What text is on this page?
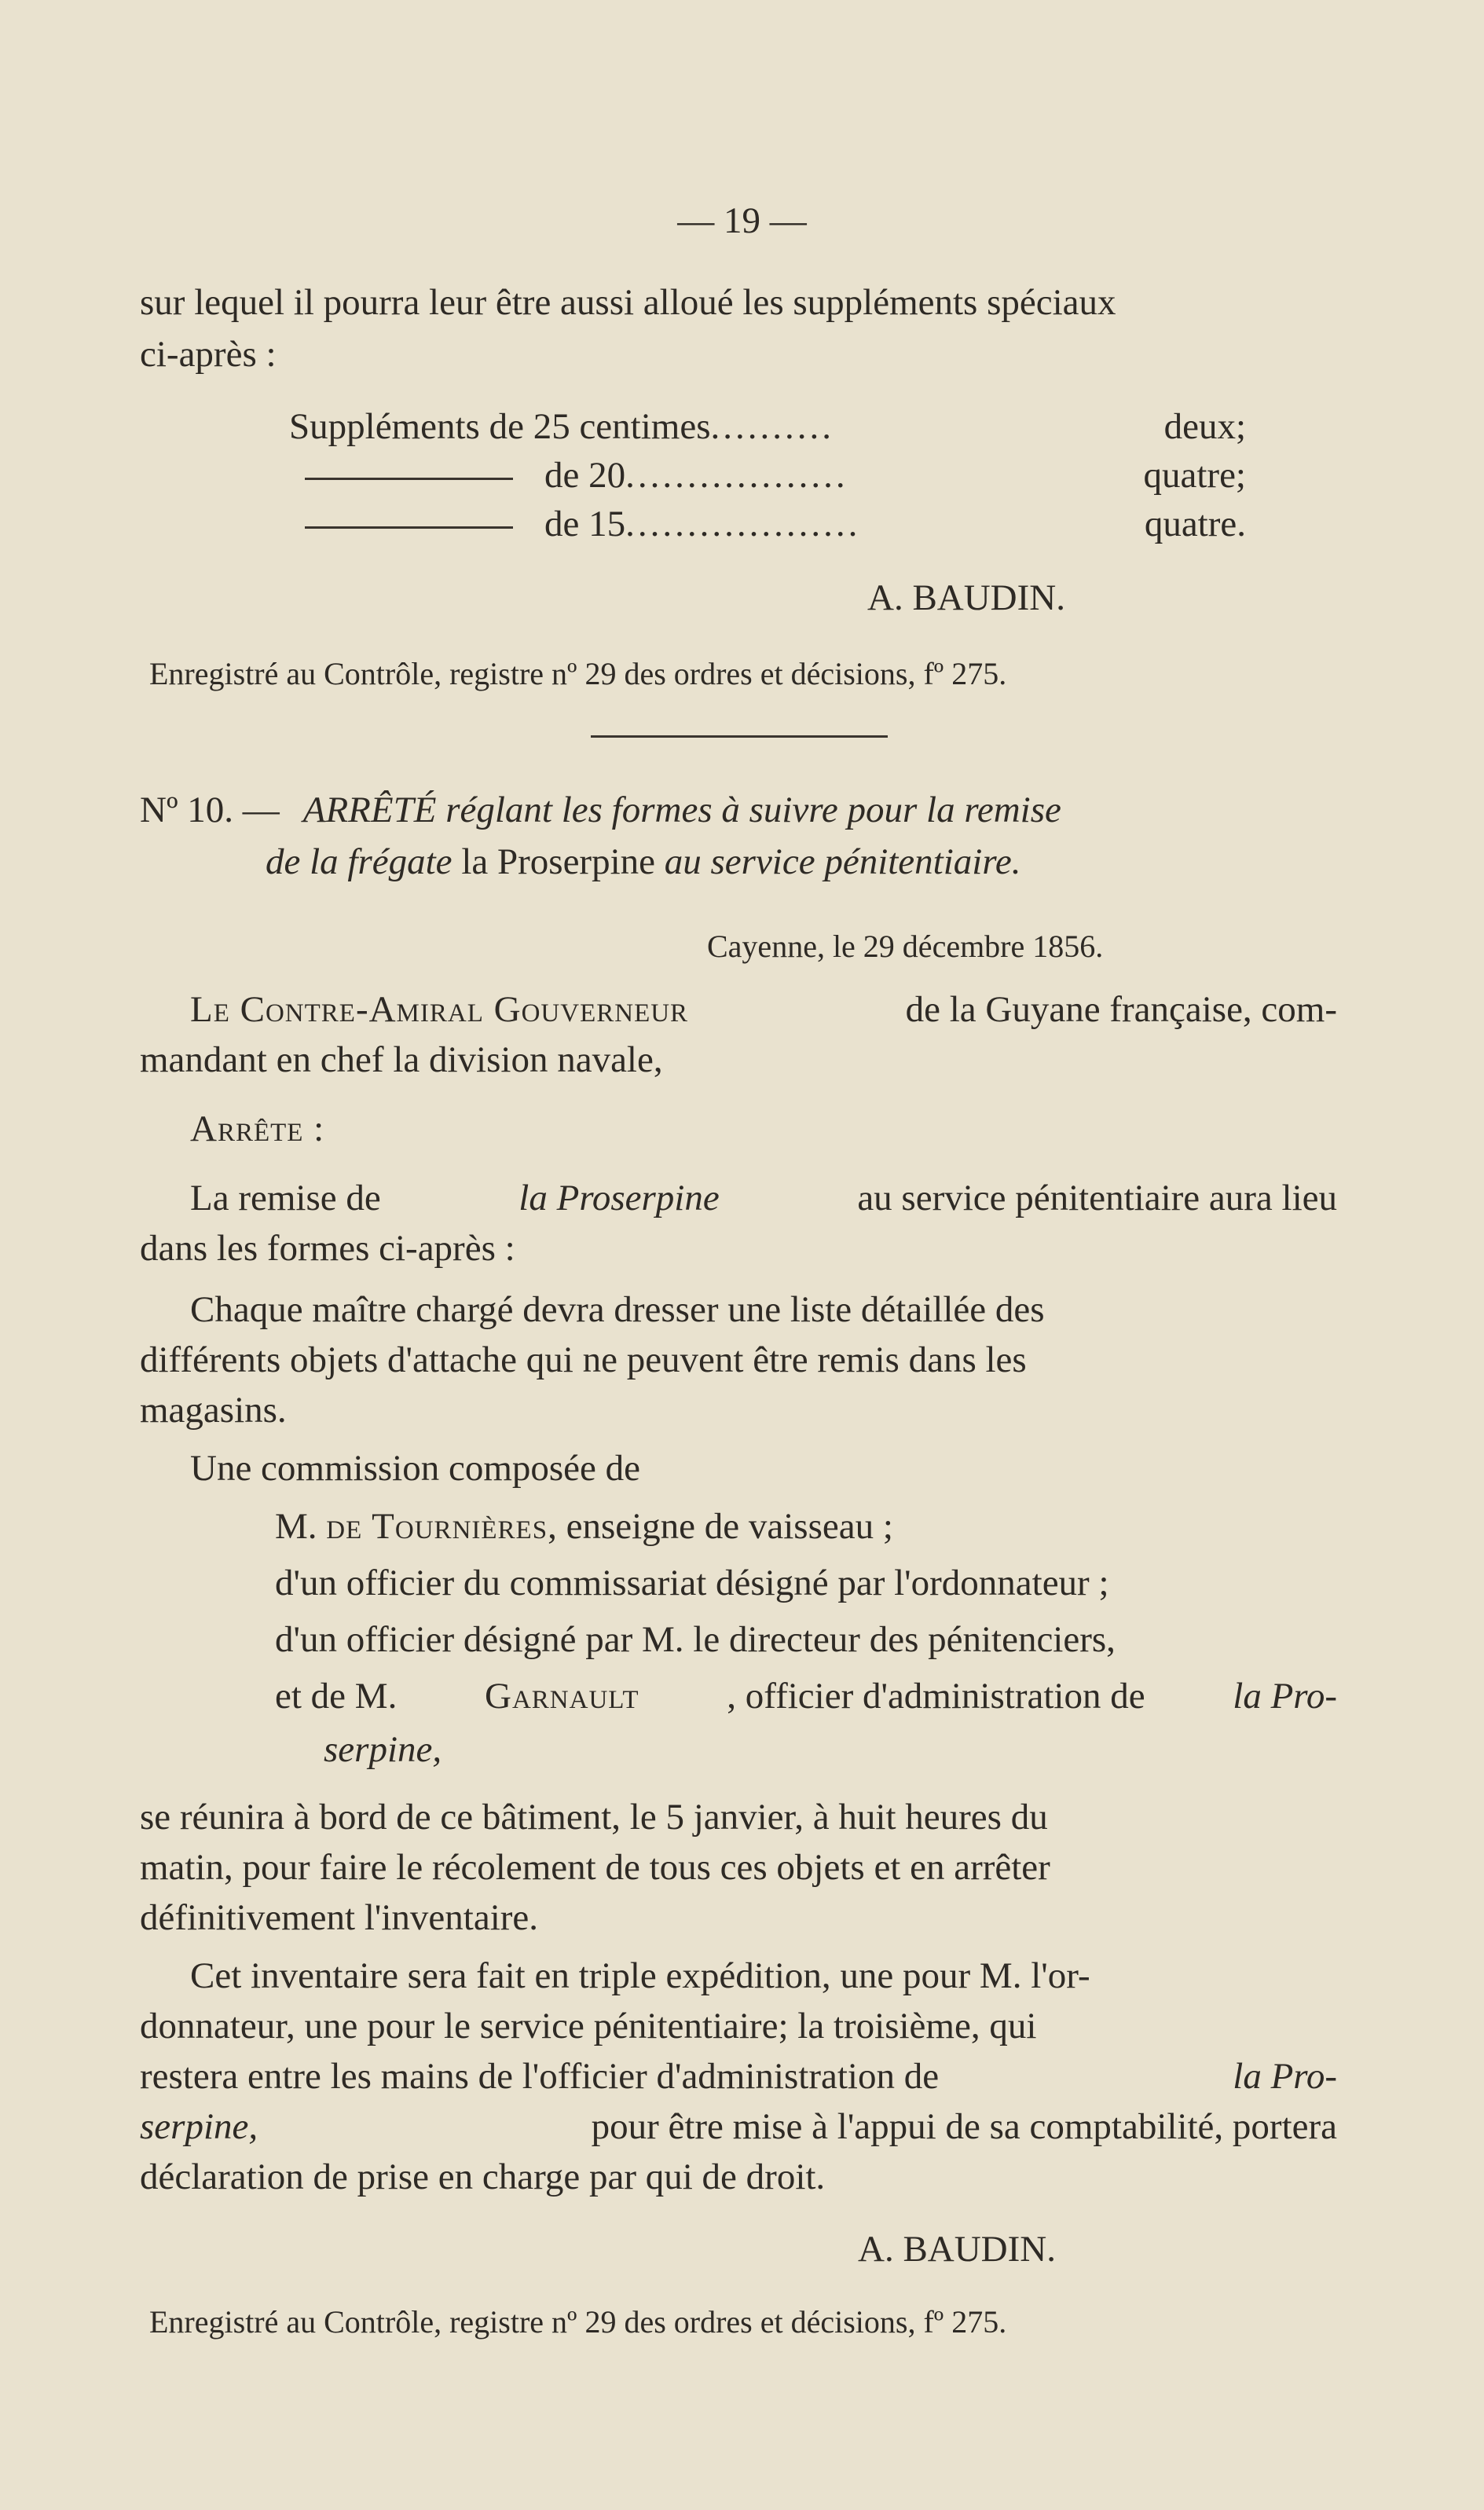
— 19 —
sur lequel il pourra leur être aussi alloué les suppléments spéciaux
ci-après :
Suppléments de 25 centimes..........	deux;
de 20..................	quatre;
de 15...................	quatre.
A. BAUDIN.
Enregistré au Contrôle, registre nº 29 des ordres et décisions, fº 275.
Nº 10. — ARRÊTÉ réglant les formes à suivre pour la remise
de la frégate la Proserpine au service pénitentiaire.
Cayenne, le 29 décembre 1856.
Le Contre-Amiral Gouverneur	de la Guyane française, com-
mandant en chef la division navale,
Arrête :
La remise de	la Proserpine	au service pénitentiaire aura lieu
dans les formes ci-après :
Chaque maître chargé devra dresser une liste détaillée des
différents objets d'attache qui ne peuvent être remis dans les
magasins.
Une commission composée de
M. de Tournières, enseigne de vaisseau ;
d'un officier du commissariat désigné par l'ordonnateur ;
d'un officier désigné par M. le directeur des pénitenciers,
et de M. Garnault , officier d'administration de la Pro-
serpine,
se réunira à bord de ce bâtiment, le 5 janvier, à huit heures du
matin, pour faire le récolement de tous ces objets et en arrêter
définitivement l'inventaire.
Cet inventaire sera fait en triple expédition, une pour M. l'or-
donnateur, une pour le service pénitentiaire; la troisième, qui
restera entre les mains de l'officier d'administration de	la Pro-
serpine,	pour être mise à l'appui de sa comptabilité, portera
déclaration de prise en charge par qui de droit.
A. BAUDIN.
Enregistré au Contrôle, registre nº 29 des ordres et décisions, fº 275.
